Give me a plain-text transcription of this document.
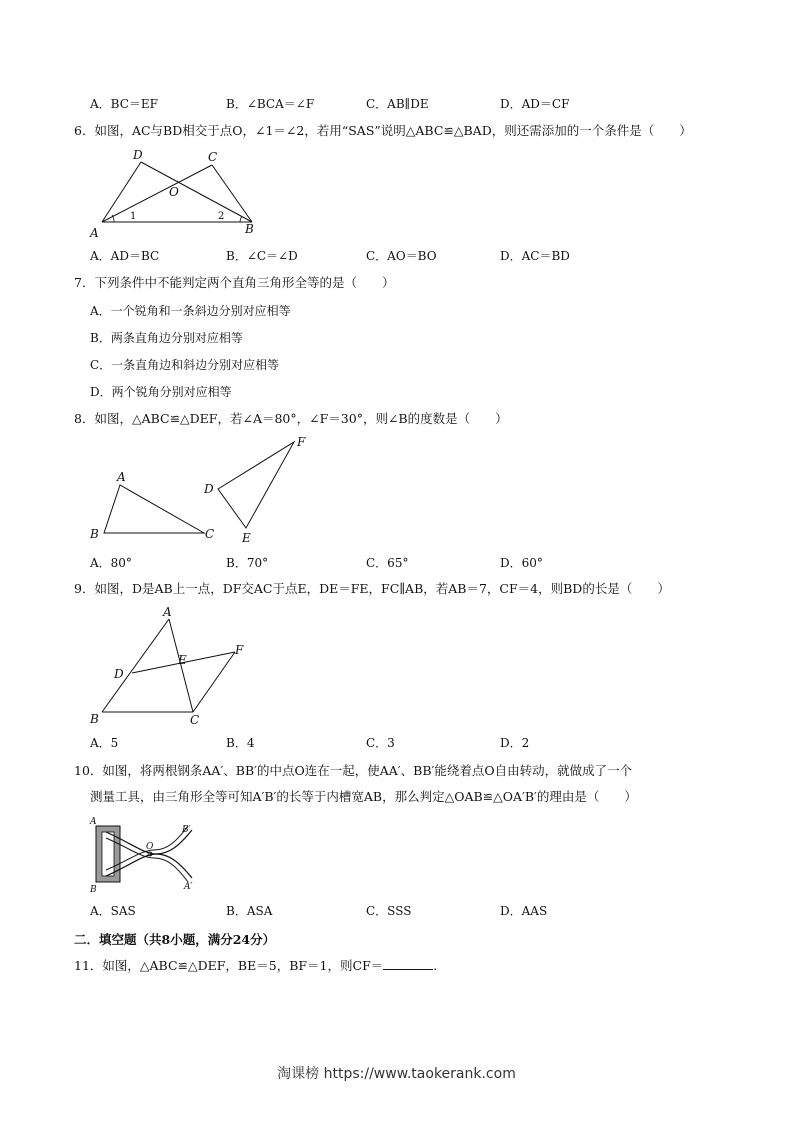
A．BC＝EF	B．∠BCA＝∠F	C．AB∥DE	D．AD＝CF
6．如图，AC与BD相交于点O，∠1＝∠2，若用“SAS”说明△ABC≌△BAD，则还需添加的一个条件是（　　）
D	C
O
A	B
1	2
A．AD＝BC	B．∠C＝∠D	C．AO＝BO	D．AC＝BD
7．下列条件中不能判定两个直角三角形全等的是（　　）
A．一个锐角和一条斜边分别对应相等
B．两条直角边分别对应相等
C．一条直角边和斜边分别对应相等
D．两个锐角分别对应相等
8．如图，△ABC≌△DEF，若∠A＝80°，∠F＝30°，则∠B的度数是（　　）
A
B	C
F
D
E
A．80°	B．70°	C．65°	D．60°
9．如图，D是AB上一点，DF交AC于点E，DE＝FE，FC∥AB，若AB＝7，CF＝4，则BD的长是（　　）
A
D
E
F
B	C
A．5	B．4	C．3	D．2
10．如图，将两根钢条AA′、BB′的中点O连在一起，使AA′、BB′能绕着点O自由转动，就做成了一个
测量工具，由三角形全等可知A′B′的长等于内槽宽AB，那么判定△OAB≌△OA′B′的理由是（　　）
A
B
O
B′
A′
A．SAS	B．ASA	C．SSS	D．AAS
二．填空题（共8小题，满分24分）
11．如图，△ABC≌△DEF，BE＝5，BF＝1，则CF＝	.
淘课榜 https://www.taokerank.com
